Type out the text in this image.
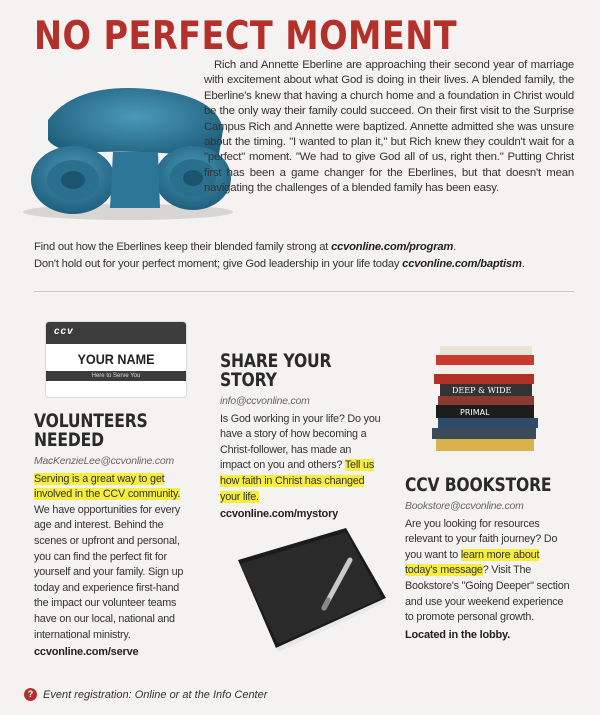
NO PERFECT MOMENT
Rich and Annette Eberline are approaching their second year of marriage with excitement about what God is doing in their lives. A blended family, the Eberline's knew that having a church home and a foundation in Christ would be the only way their family could succeed. On their first visit to the Surprise Campus Rich and Annette were baptized. Annette admitted she was unsure about the timing. "I wanted to plan it," but Rich knew they couldn't wait for a "perfect" moment. "We had to give God all of us, right then." Putting Christ first has been a game changer for the Eberlines, but that doesn't mean navigating the challenges of a blended family has been easy.
Find out how the Eberlines keep their blended family strong at ccvonline.com/program.
Don't hold out for your perfect moment; give God leadership in your life today ccvonline.com/baptism.
ccv
YOUR NAME
Here to Serve You
VOLUNTEERS
NEEDED
MacKenzieLee@ccvonline.com
Serving is a great way to get involved in the CCV community. We have opportunities for every age and interest. Behind the scenes or upfront and personal, you can find the perfect fit for yourself and your family. Sign up today and experience first-hand the impact our volunteer teams have on our local, national and international ministry.
ccvonline.com/serve
SHARE YOUR
STORY
info@ccvonline.com
Is God working in your life? Do you have a story of how becoming a Christ-follower, has made an impact on you and others? Tell us how faith in Christ has changed your life.
ccvonline.com/mystory
DEEP & WIDE
PRIMAL
CCV BOOKSTORE
Bookstore@ccvonline.com
Are you looking for resources relevant to your faith journey? Do you want to learn more about today's message? Visit The Bookstore's "Going Deeper" section and use your weekend experience to promote personal growth.
Located in the lobby.
? Event registration: Online or at the Info Center
